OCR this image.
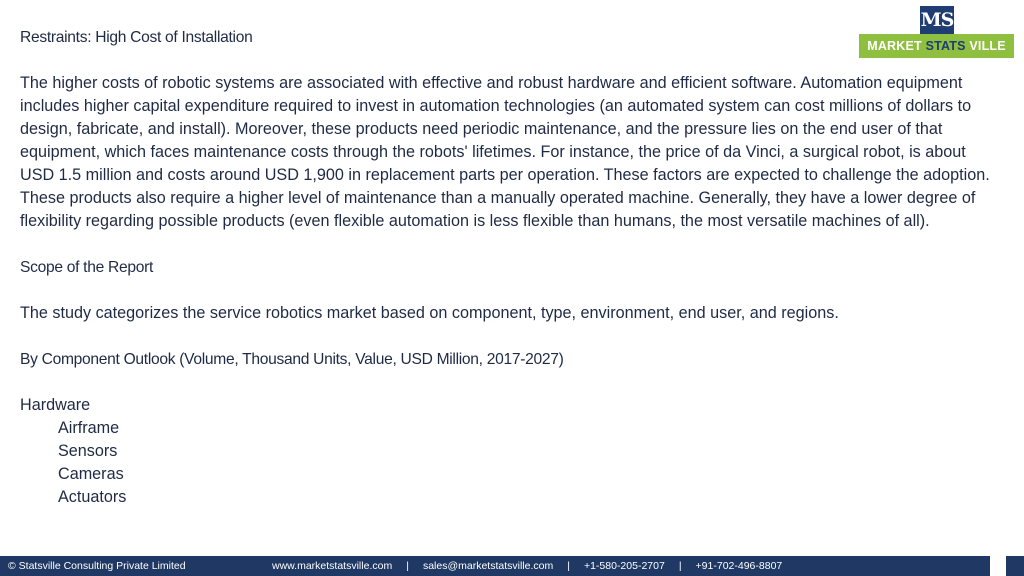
MS
MARKET STATS VILLE
Restraints: High Cost of Installation

The higher costs of robotic systems are associated with effective and robust hardware and efficient software. Automation equipment includes higher capital expenditure required to invest in automation technologies (an automated system can cost millions of dollars to design, fabricate, and install). Moreover, these products need periodic maintenance, and the pressure lies on the end user of that equipment, which faces maintenance costs through the robots' lifetimes. For instance, the price of da Vinci, a surgical robot, is about USD 1.5 million and costs around USD 1,900 in replacement parts per operation. These factors are expected to challenge the adoption. These products also require a higher level of maintenance than a manually operated machine. Generally, they have a lower degree of flexibility regarding possible products (even flexible automation is less flexible than humans, the most versatile machines of all).

Scope of the Report

The study categorizes the service robotics market based on component, type, environment, end user, and regions.

By Component Outlook (Volume, Thousand Units, Value, USD Million, 2017-2027)
Hardware
Airframe
Sensors
Cameras
Actuators
© Statsville Consulting Private Limited	www.marketstatsville.com | sales@marketstatsville.com | +1-580-205-2707 | +91-702-496-8807
